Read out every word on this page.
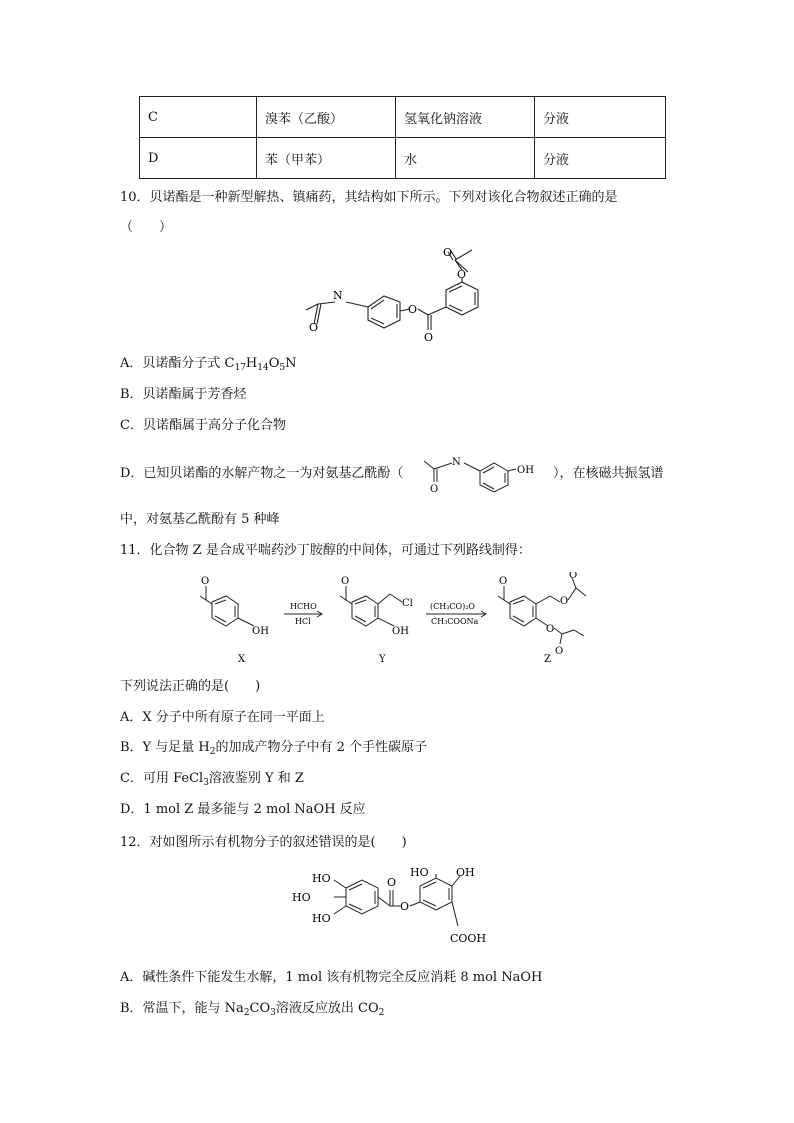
C	溴苯（乙酸）	氢氧化钠溶液	分液
D	苯（甲苯）	水	分液
10．贝诺酯是一种新型解热、镇痛药，其结构如下所示。下列对该化合物叙述正确的是
（　　）
N
O
O
O
O
O
A．贝诺酯分子式 $C_{17}H_{14}O_5N$
B．贝诺酯属于芳香烃
C．贝诺酯属于高分子化合物
D．已知贝诺酯的水解产物之一为对氨基乙酰酚（
N
O
OH ），在核磁共振氢谱
中，对氨基乙酰酚有 5 种峰
11．化合物 Z 是合成平喘药沙丁胺醇的中间体，可通过下列路线制得：
O
OH
HCHO
HCl
O
Cl
OH
(CH₃CO)₂O
CH₃COONa
O
O
O
O
O
X	Y	Z
下列说法正确的是(　　)
A．X 分子中所有原子在同一平面上
B．Y 与足量 $H_2$的加成产物分子中有 2 个手性碳原子
C．可用 FeCl$_3$溶液鉴别 Y 和 Z
D．1 mol Z 最多能与 2 mol NaOH 反应
12．对如图所示有机物分子的叙述错误的是(　　)
HO
HO
HO
O
O
HO OH
COOH
A．碱性条件下能发生水解，1 mol 该有机物完全反应消耗 8 mol NaOH
B．常温下，能与 $Na_2CO_3$溶液反应放出 $CO_2$
